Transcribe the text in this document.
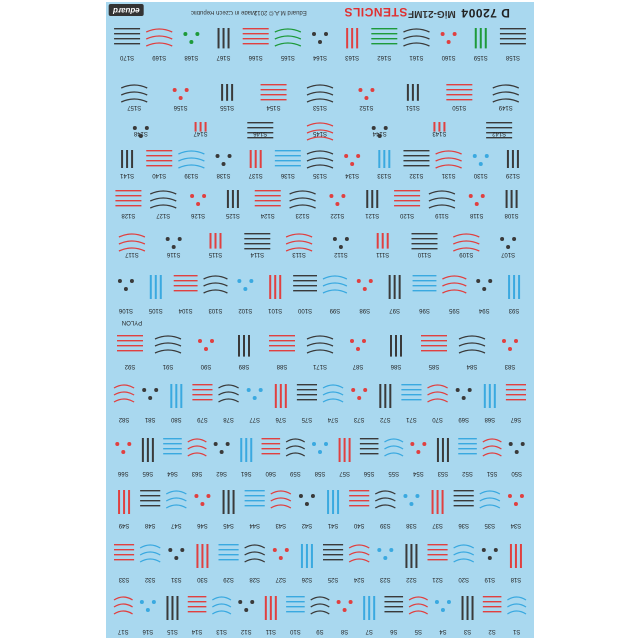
S170	S169	S168	S167	S166	S165	S164	S163	S162	S161	S160	S159	S158
S157	S156	S155	S154	S153	S152	S151	S150	S149
S148	S147	S146	S145	S144	S143	S142
S141	S140	S139	S138	S137	S136	S135	S134	S133	S132	S131	S130	S129
S128	S127	S126	S125	S124	S123	S122	S121	S120	S119	S118	S108
S117	S116	S115	S114	S113	S112	S111	S110	S109	S107
S106	S105	S104	S103	S102	S101	S100	S99	S98	S97	S96	S95	S94	S93
PYLON
S92	S91	S90	S89	S88	S171	S87	S86	S85	S84	S83
S82	S81	S80	S79	S78	S77	S76	S75	S74	S73	S72	S71	S70	S69	S68	S67
S66 S65 S64 S63 S62 S61 S60 S59 S58 S57 S56 S55 S54 S53 S52 S51 S50
S49	S48	S47	S46	S45	S44	S43	S42	S41	S40	S39	S38	S37	S36	S35	S34
S33	S32	S31	S30	S29	S28	S27	S26	S25	S24	S23	S22	S21	S20	S19	S18
S17 S16 S15 S14 S13 S12 S11 S10	S9	S8	S7	S6	S5	S4	S3	S2	S1
D 72004
MiG-21MF
STENCILS
Eduard M.A.© 2012
Made in Czech Republic
eduard
